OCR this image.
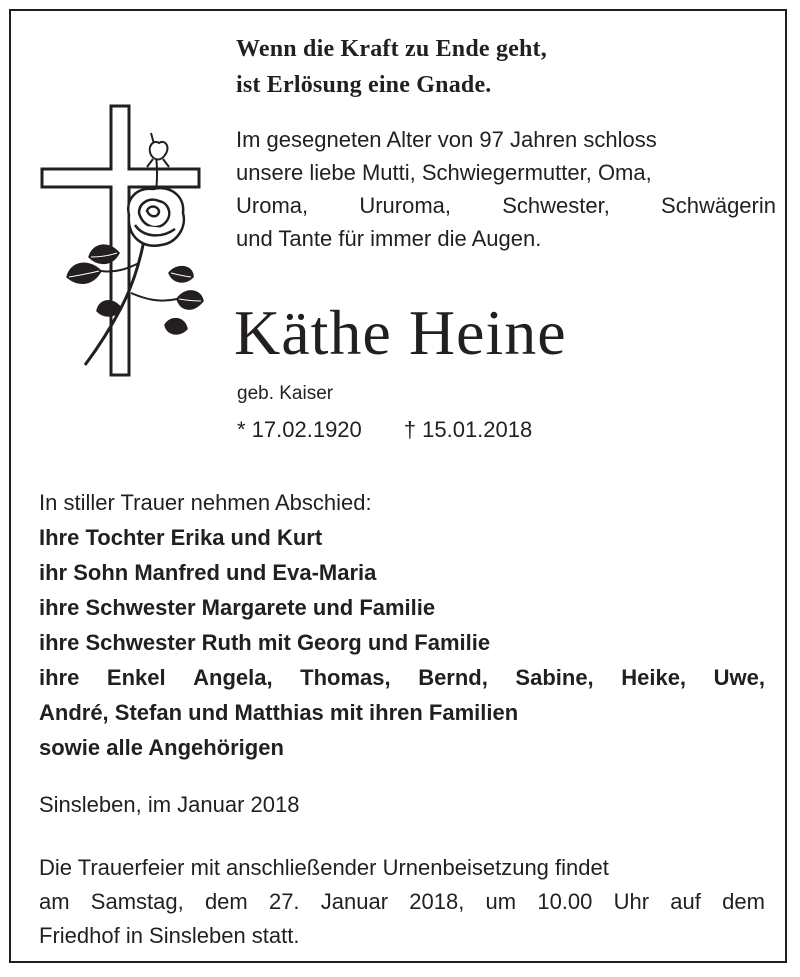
Wenn die Kraft zu Ende geht,
ist Erlösung eine Gnade.
Im gesegneten Alter von 97 Jahren schloss
unsere liebe Mutti, Schwiegermutter, Oma,
Uroma, Ururoma, Schwester, Schwägerin
und Tante für immer die Augen.
Käthe Heine
geb. Kaiser
* 17.02.1920 † 15.01.2018
In stiller Trauer nehmen Abschied:
Ihre Tochter Erika und Kurt
ihr Sohn Manfred und Eva-Maria
ihre Schwester Margarete und Familie
ihre Schwester Ruth mit Georg und Familie
ihre Enkel Angela, Thomas, Bernd, Sabine, Heike, Uwe,
André, Stefan und Matthias mit ihren Familien
sowie alle Angehörigen
Sinsleben, im Januar 2018
Die Trauerfeier mit anschließender Urnenbeisetzung findet
am Samstag, dem 27. Januar 2018, um 10.00 Uhr auf dem
Friedhof in Sinsleben statt.
